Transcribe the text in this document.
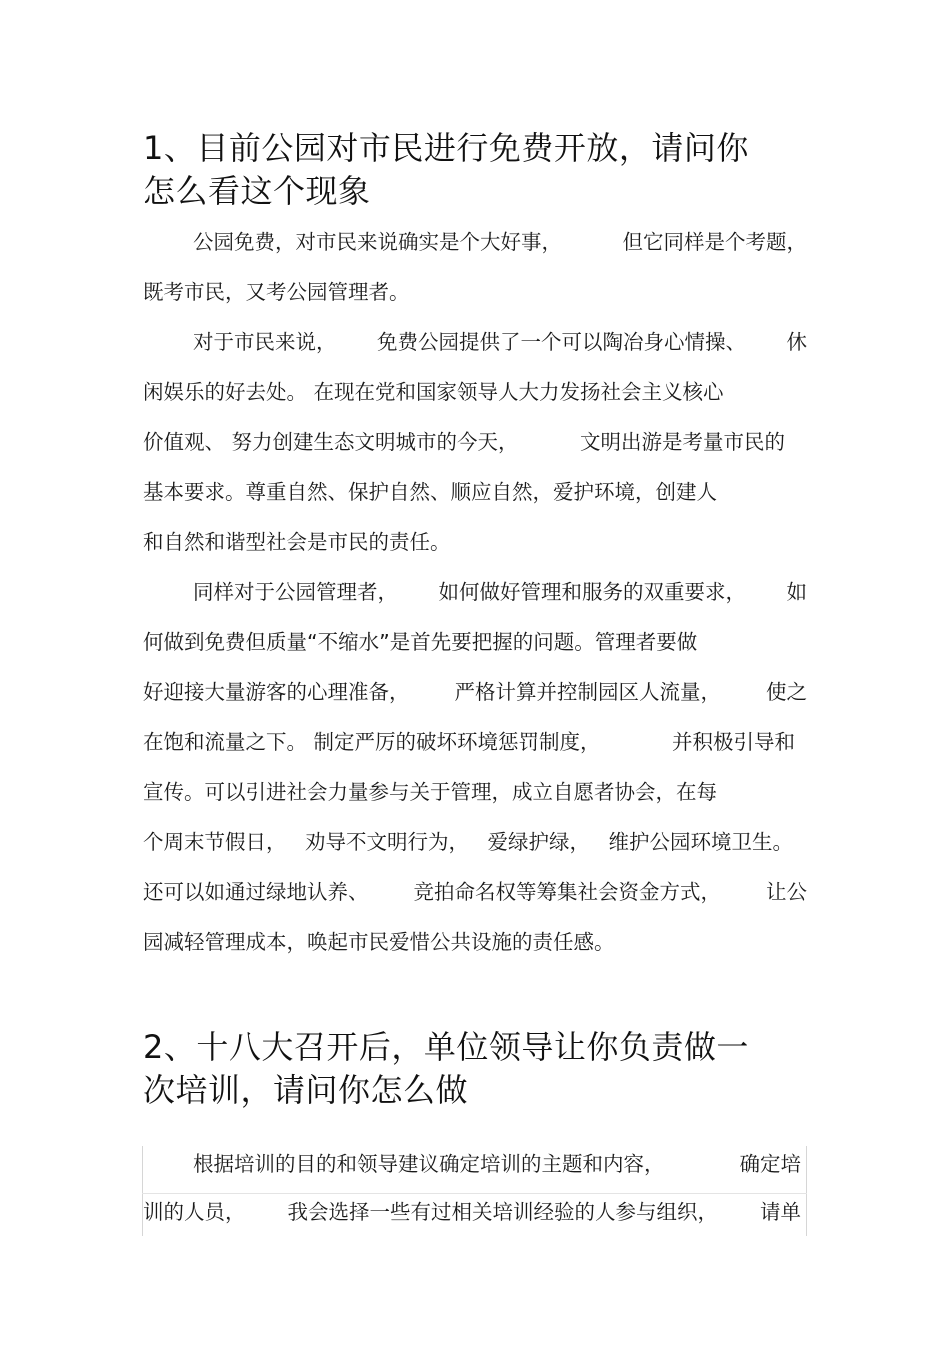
1、目前公园对市民进行免费开放，请问你
怎么看这个现象
公园免费，对市民来说确实是个大好事，	但它同样是个考题，
既考市民，又考公园管理者。
对于市民来说， 免费公园提供了一个可以陶冶身心情操、 休
闲娱乐的好去处。 在现在党和国家领导人大力发扬社会主义核心
价值观、 努力创建生态文明城市的今天，	文明出游是考量市民的
基本要求。尊重自然、保护自然、顺应自然，爱护环境，创建人
和自然和谐型社会是市民的责任。
同样对于公园管理者， 如何做好管理和服务的双重要求， 如
何做到免费但质量“不缩水”是首先要把握的问题。管理者要做
好迎接大量游客的心理准备， 严格计算并控制园区人流量， 使之
在饱和流量之下。 制定严厉的破坏环境惩罚制度，	并积极引导和
宣传。可以引进社会力量参与关于管理，成立自愿者协会，在每
个周末节假日， 劝导不文明行为， 爱绿护绿， 维护公园环境卫生。
还可以如通过绿地认养、 竞拍命名权等筹集社会资金方式， 让公
园减轻管理成本，唤起市民爱惜公共设施的责任感。
2、十八大召开后，单位领导让你负责做一
次培训，请问你怎么做
根据培训的目的和领导建议确定培训的主题和内容，	确定培
训的人员， 我会选择一些有过相关培训经验的人参与组织， 请单
